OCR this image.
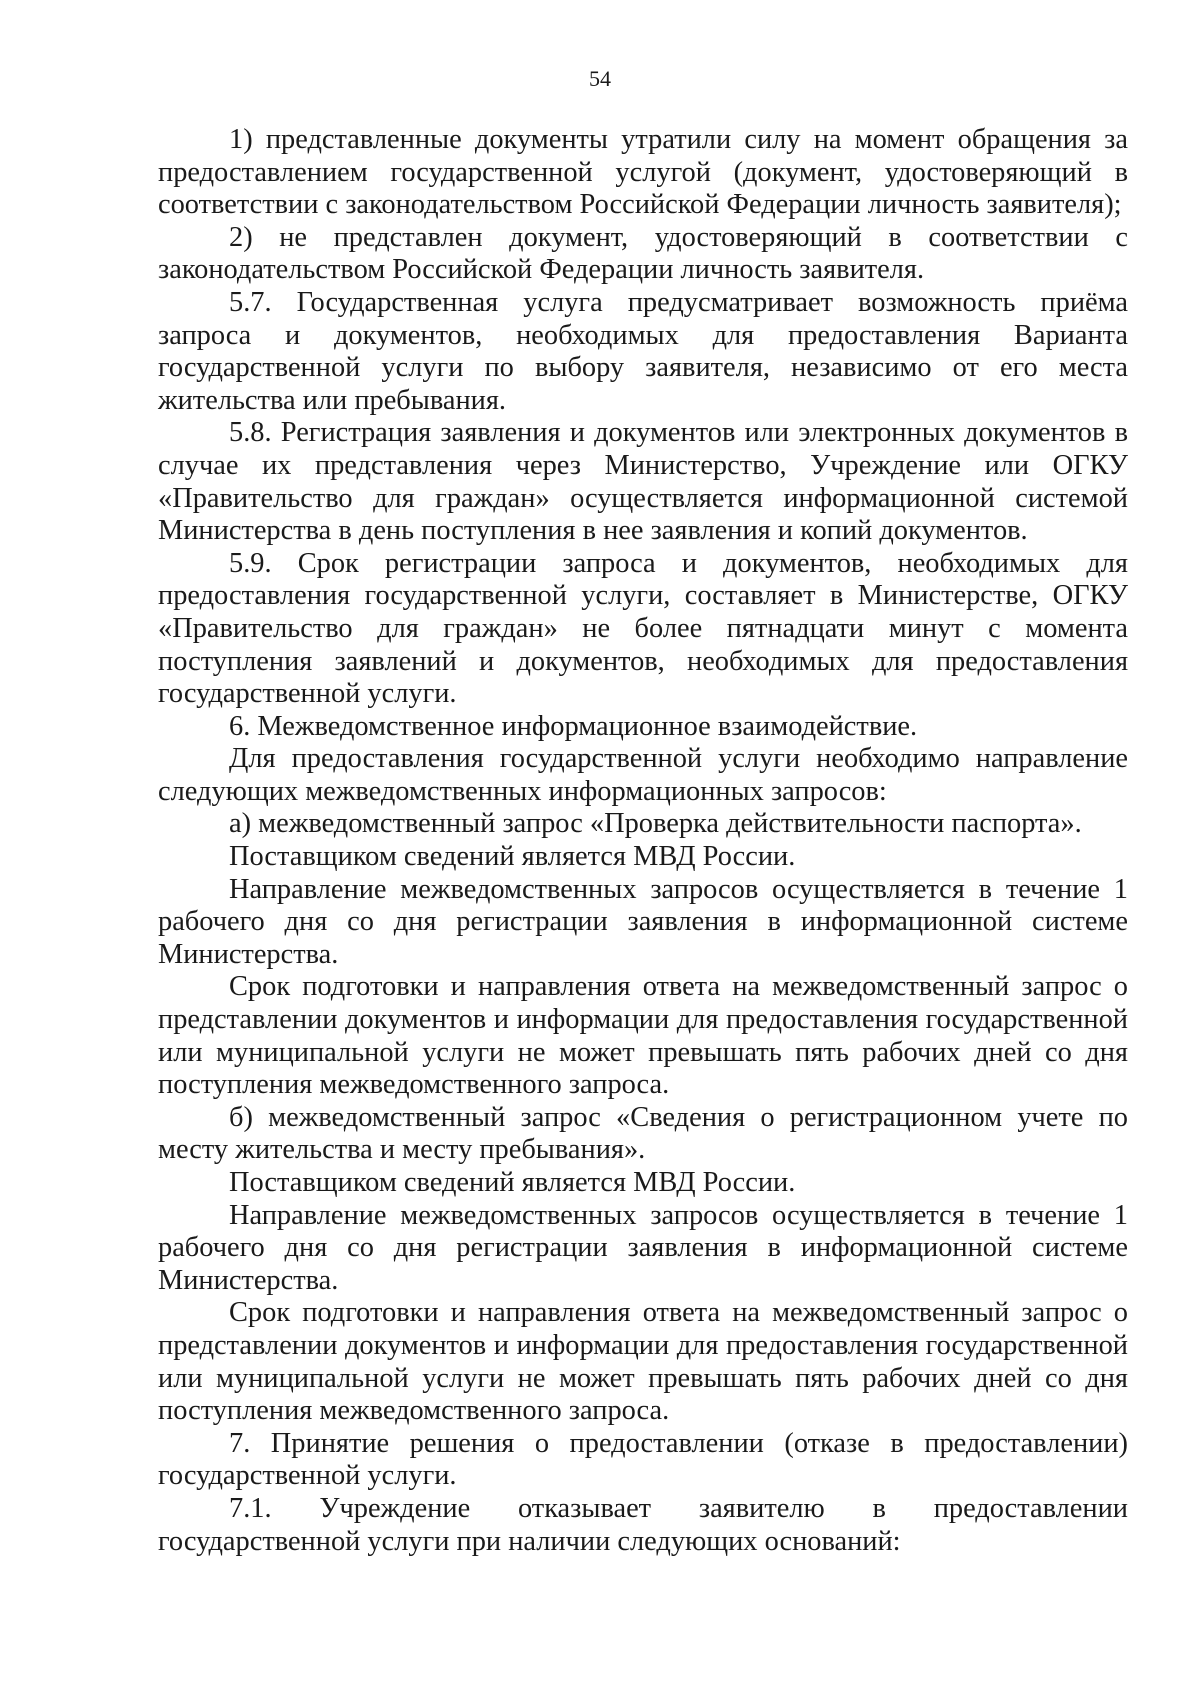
54

1) представленные документы утратили силу на момент обращения за предоставлением государственной услугой (документ, удостоверяющий в соответствии с законодательством Российской Федерации личность заявителя);

2) не представлен документ, удостоверяющий в соответствии с законодательством Российской Федерации личность заявителя.

5.7. Государственная услуга предусматривает возможность приёма запроса и документов, необходимых для предоставления Варианта государственной услуги по выбору заявителя, независимо от его места жительства или пребывания.

5.8. Регистрация заявления и документов или электронных документов в случае их представления через Министерство, Учреждение или ОГКУ «Правительство для граждан» осуществляется информационной системой Министерства в день поступления в нее заявления и копий документов.

5.9. Срок регистрации запроса и документов, необходимых для предоставления государственной услуги, составляет в Министерстве, ОГКУ «Правительство для граждан» не более пятнадцати минут с момента поступления заявлений и документов, необходимых для предоставления государственной услуги.

6. Межведомственное информационное взаимодействие.

Для предоставления государственной услуги необходимо направление следующих межведомственных информационных запросов:

а) межведомственный запрос «Проверка действительности паспорта».

Поставщиком сведений является МВД России.

Направление межведомственных запросов осуществляется в течение 1 рабочего дня со дня регистрации заявления в информационной системе Министерства.

Срок подготовки и направления ответа на межведомственный запрос о представлении документов и информации для предоставления государственной или муниципальной услуги не может превышать пять рабочих дней со дня поступления межведомственного запроса.

б) межведомственный запрос «Сведения о регистрационном учете по месту жительства и месту пребывания».

Поставщиком сведений является МВД России.

Направление межведомственных запросов осуществляется в течение 1 рабочего дня со дня регистрации заявления в информационной системе Министерства.

Срок подготовки и направления ответа на межведомственный запрос о представлении документов и информации для предоставления государственной или муниципальной услуги не может превышать пять рабочих дней со дня поступления межведомственного запроса.

7. Принятие решения о предоставлении (отказе в предоставлении) государственной услуги.

7.1. Учреждение отказывает заявителю в предоставлении государственной услуги при наличии следующих оснований:
